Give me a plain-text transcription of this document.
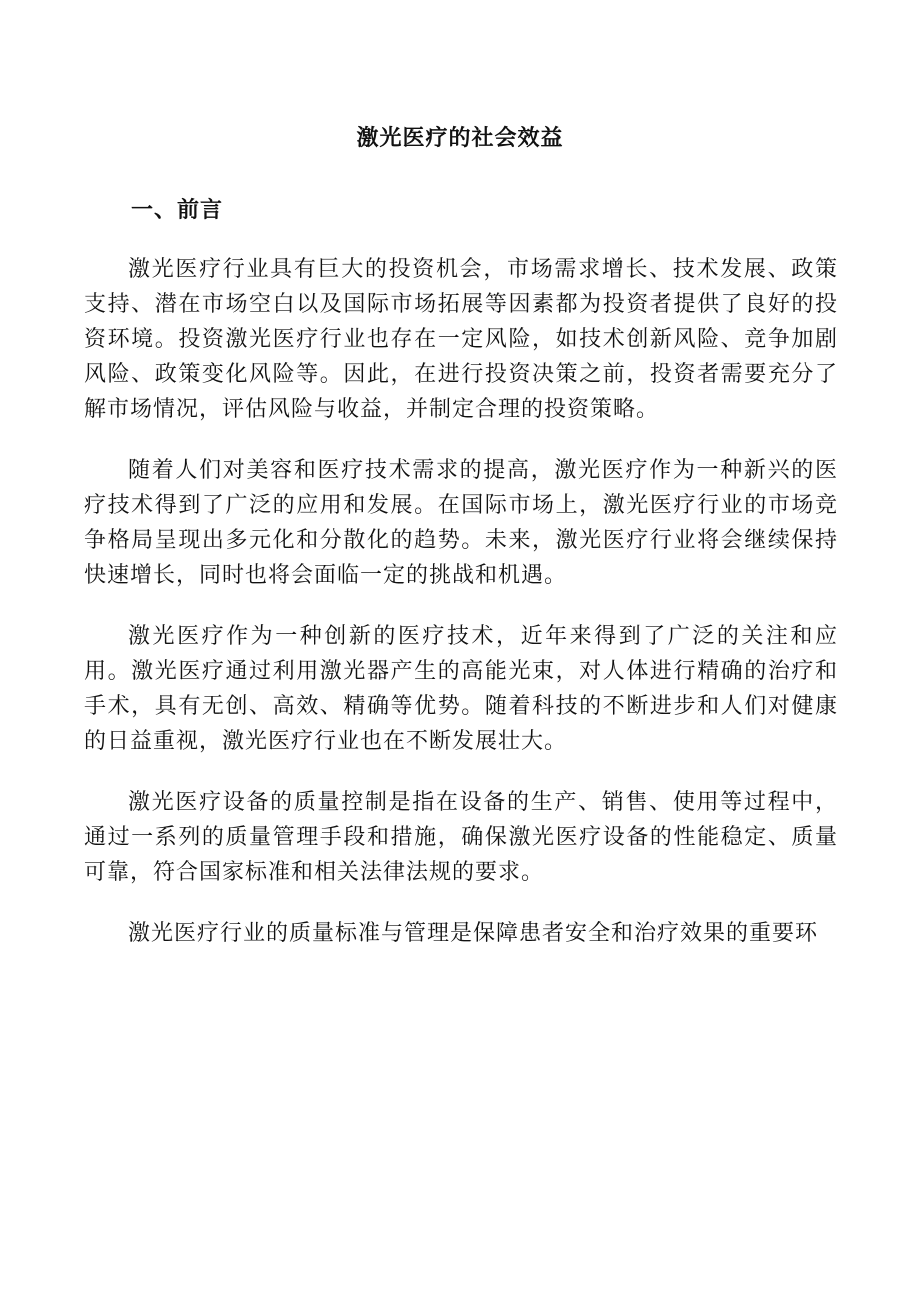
激光医疗的社会效益
一、前言

激光医疗行业具有巨大的投资机会，市场需求增长、技术发展、政策支持、潜在市场空白以及国际市场拓展等因素都为投资者提供了良好的投资环境。投资激光医疗行业也存在一定风险，如技术创新风险、竞争加剧风险、政策变化风险等。因此，在进行投资决策之前，投资者需要充分了解市场情况，评估风险与收益，并制定合理的投资策略。

随着人们对美容和医疗技术需求的提高，激光医疗作为一种新兴的医疗技术得到了广泛的应用和发展。在国际市场上，激光医疗行业的市场竞争格局呈现出多元化和分散化的趋势。未来，激光医疗行业将会继续保持快速增长，同时也将会面临一定的挑战和机遇。

激光医疗作为一种创新的医疗技术，近年来得到了广泛的关注和应用。激光医疗通过利用激光器产生的高能光束，对人体进行精确的治疗和手术，具有无创、高效、精确等优势。随着科技的不断进步和人们对健康的日益重视，激光医疗行业也在不断发展壮大。

激光医疗设备的质量控制是指在设备的生产、销售、使用等过程中，通过一系列的质量管理手段和措施，确保激光医疗设备的性能稳定、质量可靠，符合国家标准和相关法律法规的要求。

激光医疗行业的质量标准与管理是保障患者安全和治疗效果的重要环
